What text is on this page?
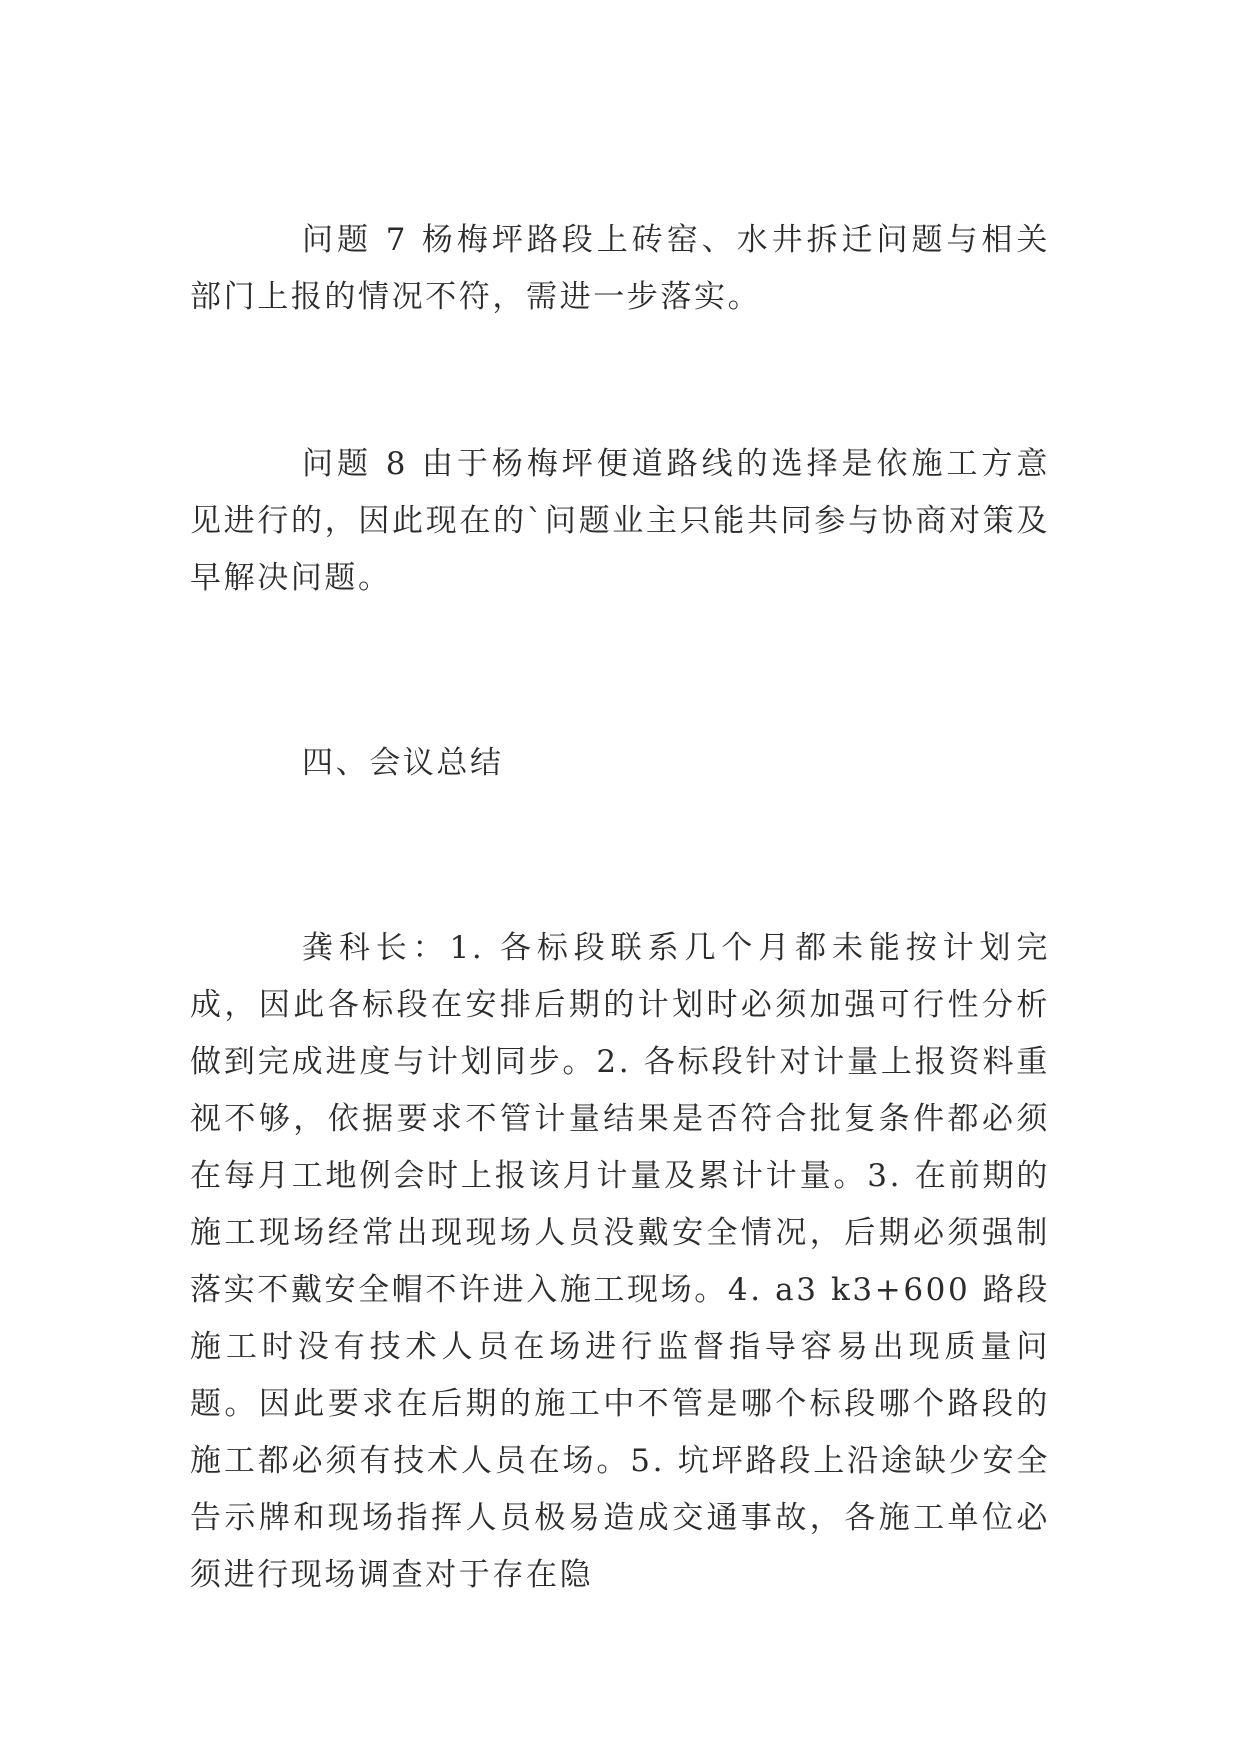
问题 7 杨梅坪路段上砖窑、水井拆迁问题与相关部门上报的情况不符，需进一步落实。

问题 8 由于杨梅坪便道路线的选择是依施工方意见进行的，因此现在的`问题业主只能共同参与协商对策及早解决问题。

四、会议总结

龚科长：1. 各标段联系几个月都未能按计划完成，因此各标段在安排后期的计划时必须加强可行性分析做到完成进度与计划同步。2. 各标段针对计量上报资料重视不够，依据要求不管计量结果是否符合批复条件都必须在每月工地例会时上报该月计量及累计计量。3. 在前期的施工现场经常出现现场人员没戴安全情况，后期必须强制落实不戴安全帽不许进入施工现场。4. a3 k3+600 路段施工时没有技术人员在场进行监督指导容易出现质量问题。因此要求在后期的施工中不管是哪个标段哪个路段的施工都必须有技术人员在场。5. 坑坪路段上沿途缺少安全告示牌和现场指挥人员极易造成交通事故，各施工单位必须进行现场调查对于存在隐
